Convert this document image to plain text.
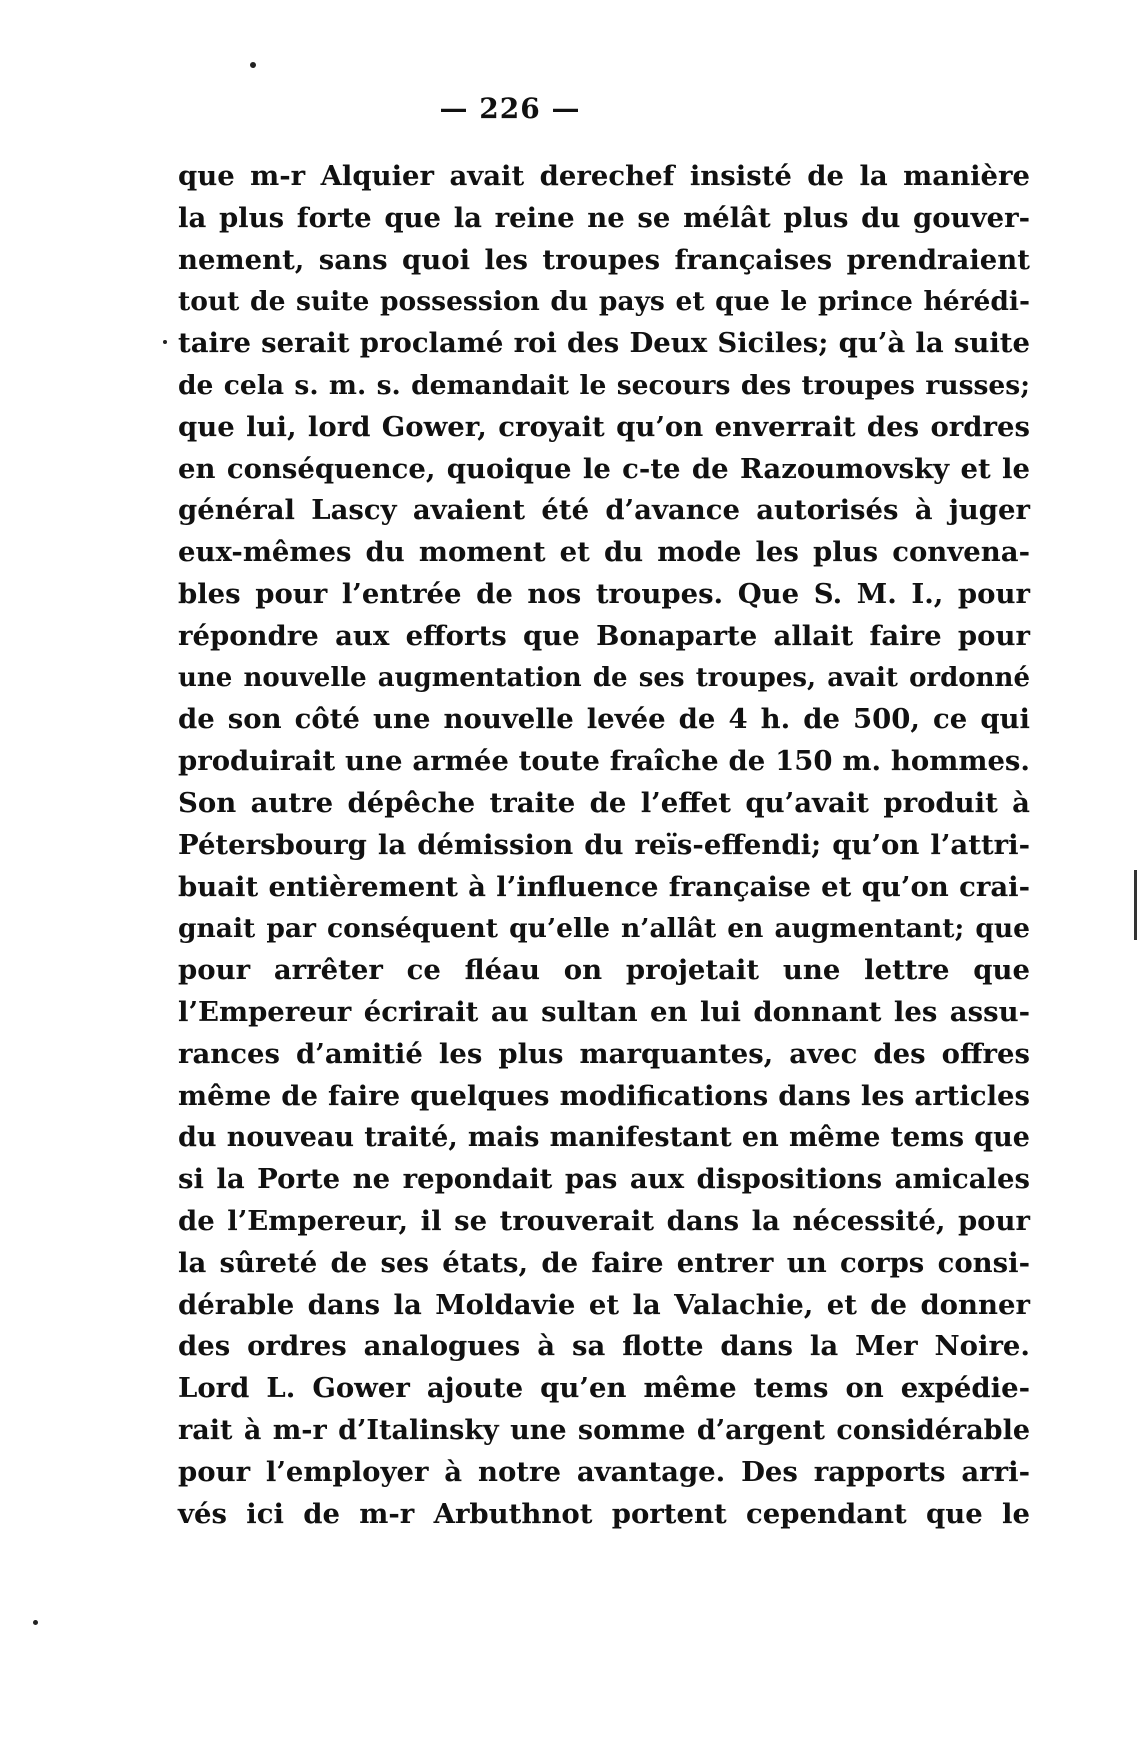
— 226 —
que m-r Alquier avait derechef insisté de la manière
la plus forte que la reine ne se mélât plus du gouver-
nement, sans quoi les troupes françaises prendraient
tout de suite possession du pays et que le prince hérédi-
taire serait proclamé roi des Deux Siciles; qu’à la suite
de cela s. m. s. demandait le secours des troupes russes;
que lui, lord Gower, croyait qu’on enverrait des ordres
en conséquence, quoique le c-te de Razoumovsky et le
général Lascy avaient été d’avance autorisés à juger
eux-mêmes du moment et du mode les plus convena-
bles pour l’entrée de nos troupes. Que S. M. I., pour
répondre aux efforts que Bonaparte allait faire pour
une nouvelle augmentation de ses troupes, avait ordonné
de son côté une nouvelle levée de 4 h. de 500, ce qui
produirait une armée toute fraîche de 150 m. hommes.
Son autre dépêche traite de l’effet qu’avait produit à
Pétersbourg la démission du reïs-effendi; qu’on l’attri-
buait entièrement à l’influence française et qu’on crai-
gnait par conséquent qu’elle n’allât en augmentant; que
pour arrêter ce fléau on projetait une lettre que
l’Empereur écrirait au sultan en lui donnant les assu-
rances d’amitié les plus marquantes, avec des offres
même de faire quelques modifications dans les articles
du nouveau traité, mais manifestant en même tems que
si la Porte ne repondait pas aux dispositions amicales
de l’Empereur, il se trouverait dans la nécessité, pour
la sûreté de ses états, de faire entrer un corps consi-
dérable dans la Moldavie et la Valachie, et de donner
des ordres analogues à sa flotte dans la Mer Noire.
Lord L. Gower ajoute qu’en même tems on expédie-
rait à m-r d’Italinsky une somme d’argent considérable
pour l’employer à notre avantage. Des rapports arri-
vés ici de m-r Arbuthnot portent cependant que le
